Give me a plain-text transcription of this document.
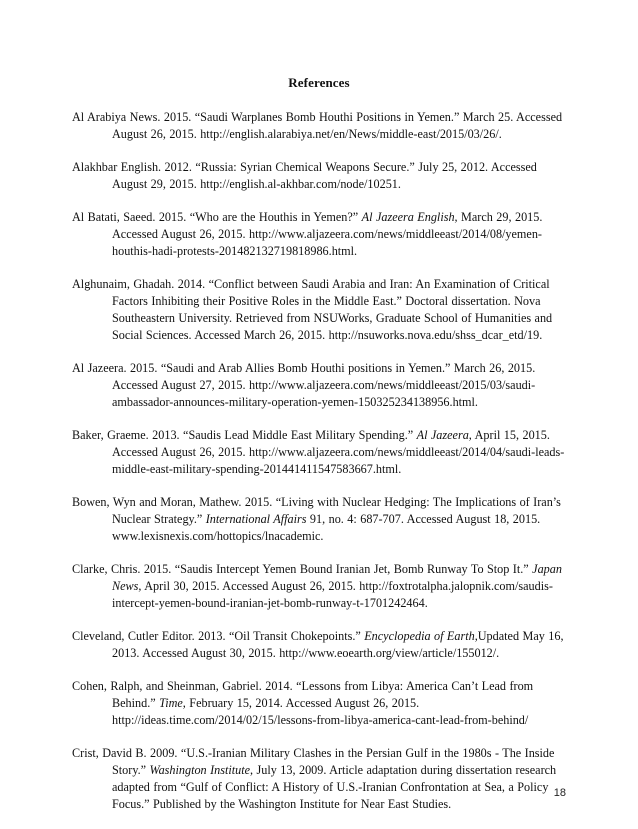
References
Al Arabiya News. 2015. “Saudi Warplanes Bomb Houthi Positions in Yemen.” March 25. Accessed August 26, 2015. http://english.alarabiya.net/en/News/middle-east/2015/03/26/.
Alakhbar English. 2012. “Russia: Syrian Chemical Weapons Secure.” July 25, 2012. Accessed August 29, 2015. http://english.al-akhbar.com/node/10251.
Al Batati, Saeed. 2015. “Who are the Houthis in Yemen?” Al Jazeera English, March 29, 2015. Accessed August 26, 2015. http://www.aljazeera.com/news/middleeast/2014/08/yemen-houthis-hadi-protests-201482132719818986.html.
Alghunaim, Ghadah. 2014. “Conflict between Saudi Arabia and Iran: An Examination of Critical Factors Inhibiting their Positive Roles in the Middle East.” Doctoral dissertation. Nova Southeastern University. Retrieved from NSUWorks, Graduate School of Humanities and Social Sciences. Accessed March 26, 2015. http://nsuworks.nova.edu/shss_dcar_etd/19.
Al Jazeera. 2015. “Saudi and Arab Allies Bomb Houthi positions in Yemen.” March 26, 2015. Accessed August 27, 2015. http://www.aljazeera.com/news/middleeast/2015/03/saudi-ambassador-announces-military-operation-yemen-150325234138956.html.
Baker, Graeme. 2013. “Saudis Lead Middle East Military Spending.” Al Jazeera, April 15, 2015. Accessed August 26, 2015. http://www.aljazeera.com/news/middleeast/2014/04/saudi-leads-middle-east-military-spending-201441411547583667.html.
Bowen, Wyn and Moran, Mathew. 2015. “Living with Nuclear Hedging: The Implications of Iran’s Nuclear Strategy.” International Affairs 91, no. 4: 687-707. Accessed August 18, 2015. www.lexisnexis.com/hottopics/lnacademic.
Clarke, Chris. 2015. “Saudis Intercept Yemen Bound Iranian Jet, Bomb Runway To Stop It.” Japan News, April 30, 2015. Accessed August 26, 2015. http://foxtrotalpha.jalopnik.com/saudis-intercept-yemen-bound-iranian-jet-bomb-runway-t-1701242464.
Cleveland, Cutler Editor. 2013. “Oil Transit Chokepoints.” Encyclopedia of Earth,Updated May 16, 2013. Accessed August 30, 2015. http://www.eoearth.org/view/article/155012/.
Cohen, Ralph, and Sheinman, Gabriel. 2014. “Lessons from Libya: America Can’t Lead from Behind.” Time, February 15, 2014. Accessed August 26, 2015. http://ideas.time.com/2014/02/15/lessons-from-libya-america-cant-lead-from-behind/
Crist, David B. 2009. “U.S.-Iranian Military Clashes in the Persian Gulf in the 1980s - The Inside Story.” Washington Institute, July 13, 2009. Article adaptation during dissertation research adapted from “Gulf of Conflict: A History of U.S.-Iranian Confrontation at Sea, a Policy Focus.” Published by the Washington Institute for Near East Studies.
18
